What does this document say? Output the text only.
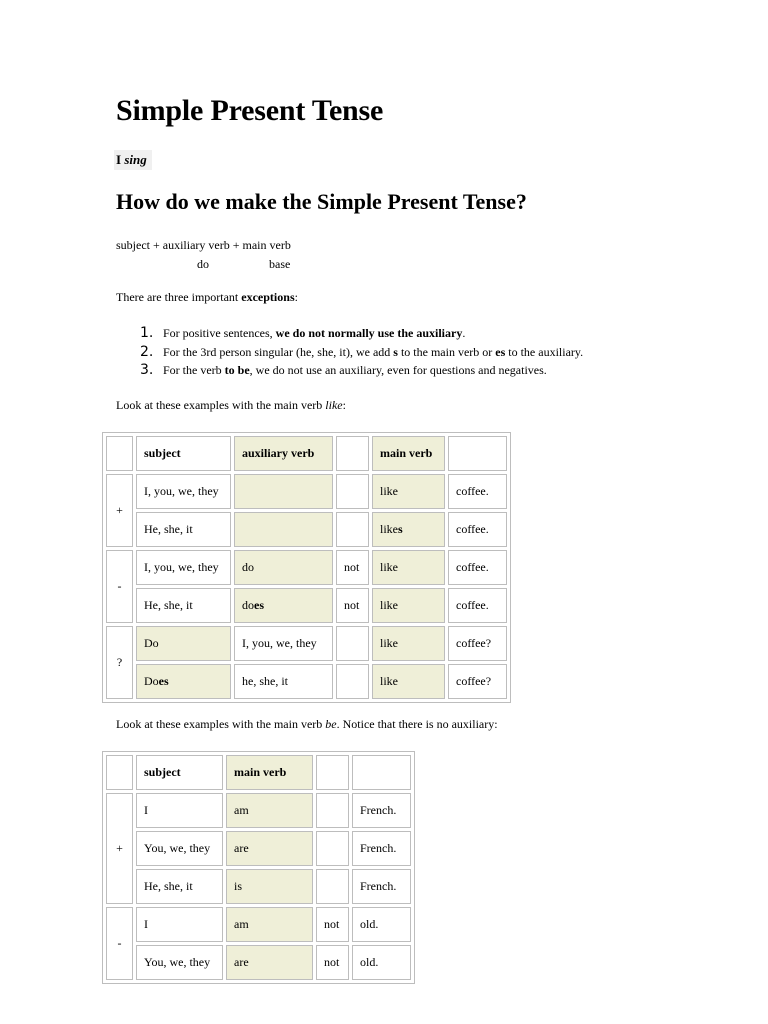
Simple Present Tense
I sing
How do we make the Simple Present Tense?
subject + auxiliary verb + main verb
do	base
There are three important exceptions:
1. For positive sentences, we do not normally use the auxiliary.
2. For the 3rd person singular (he, she, it), we add s to the main verb or es to the auxiliary.
3. For the verb to be, we do not use an auxiliary, even for questions and negatives.
Look at these examples with the main verb like:
	subject	auxiliary verb		main verb	
+	I, you, we, they			like	coffee.
	He, she, it			likes	coffee.
-	I, you, we, they	do	not	like	coffee.
	He, she, it	does	not	like	coffee.
?	Do	I, you, we, they		like	coffee?
	Does	he, she, it		like	coffee?
Look at these examples with the main verb be. Notice that there is no auxiliary:
	subject	main verb		
+	I	am		French.
	You, we, they	are		French.
	He, she, it	is		French.
-	I	am	not	old.
	You, we, they	are	not	old.
